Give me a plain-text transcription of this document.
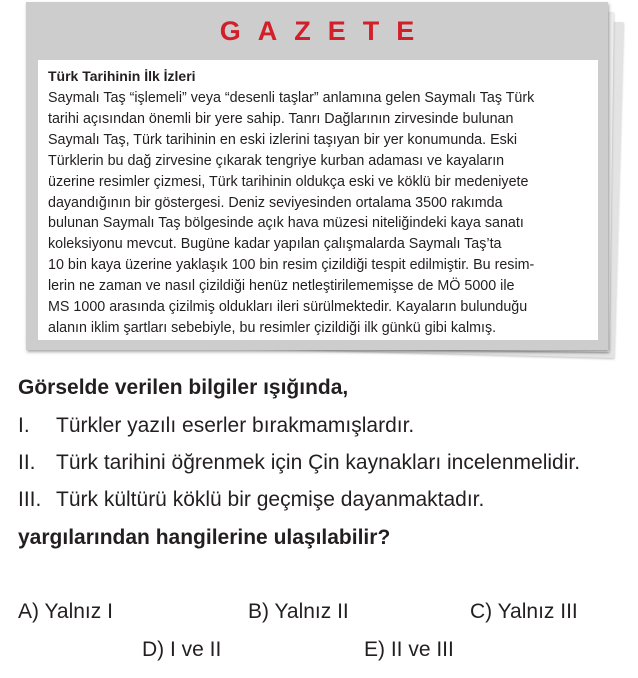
GAZETE
Türk Tarihinin İlk İzleri
Saymalı Taş “işlemeli” veya “desenli taşlar” anlamına gelen Saymalı Taş Türk
tarihi açısından önemli bir yere sahip. Tanrı Dağlarının zirvesinde bulunan
Saymalı Taş, Türk tarihinin en eski izlerini taşıyan bir yer konumunda. Eski
Türklerin bu dağ zirvesine çıkarak tengriye kurban adaması ve kayaların
üzerine resimler çizmesi, Türk tarihinin oldukça eski ve köklü bir medeniyete
dayandığının bir göstergesi. Deniz seviyesinden ortalama 3500 rakımda
bulunan Saymalı Taş bölgesinde açık hava müzesi niteliğindeki kaya sanatı
koleksiyonu mevcut. Bugüne kadar yapılan çalışmalarda Saymalı Taş’ta
10 bin kaya üzerine yaklaşık 100 bin resim çizildiği tespit edilmiştir. Bu resim-
lerin ne zaman ve nasıl çizildiği henüz netleştirilememişse de MÖ 5000 ile
MS 1000 arasında çizilmiş oldukları ileri sürülmektedir. Kayaların bulunduğu
alanın iklim şartları sebebiyle, bu resimler çizildiği ilk günkü gibi kalmış.
Görselde verilen bilgiler ışığında,
I. Türkler yazılı eserler bırakmamışlardır.
II. Türk tarihini öğrenmek için Çin kaynakları incelenmelidir.
III. Türk kültürü köklü bir geçmişe dayanmaktadır.
yargılarından hangilerine ulaşılabilir?
A) Yalnız I	B) Yalnız II	C) Yalnız III
D) I ve II	E) II ve III
